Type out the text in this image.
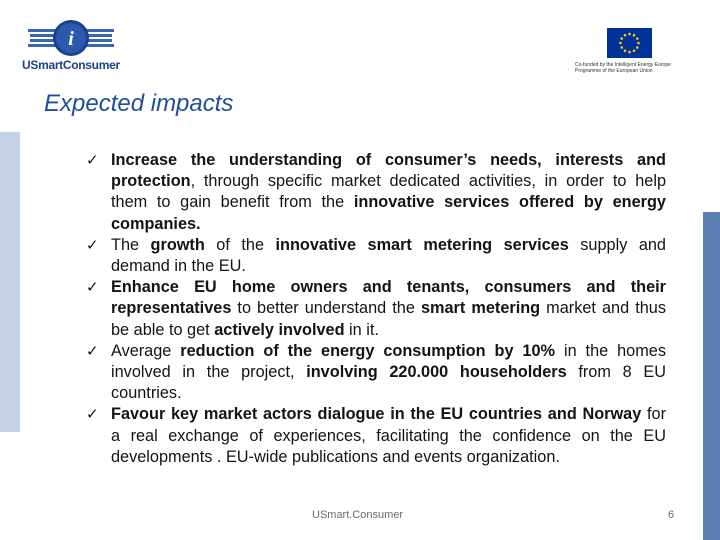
i
USmartConsumer	Co-funded by the Intelligent Energy Europe
Programme of the European Union
Expected impacts
✓ Increase the understanding of consumer’s needs, interests and protection, through specific market dedicated activities, in order to help them to gain benefit from the innovative services offered by energy companies.
✓ The growth of the innovative smart metering services supply and demand in the EU.
✓ Enhance EU home owners and tenants, consumers and their representatives to better understand the smart metering market and thus be able to get actively involved in it.
✓ Average reduction of the energy consumption by 10% in the homes involved in the project, involving 220.000 householders from 8 EU countries.
✓ Favour key market actors dialogue in the EU countries and Norway for a real exchange of experiences, facilitating the confidence on the EU developments . EU-wide publications and events organization.
USmart.Consumer	6
